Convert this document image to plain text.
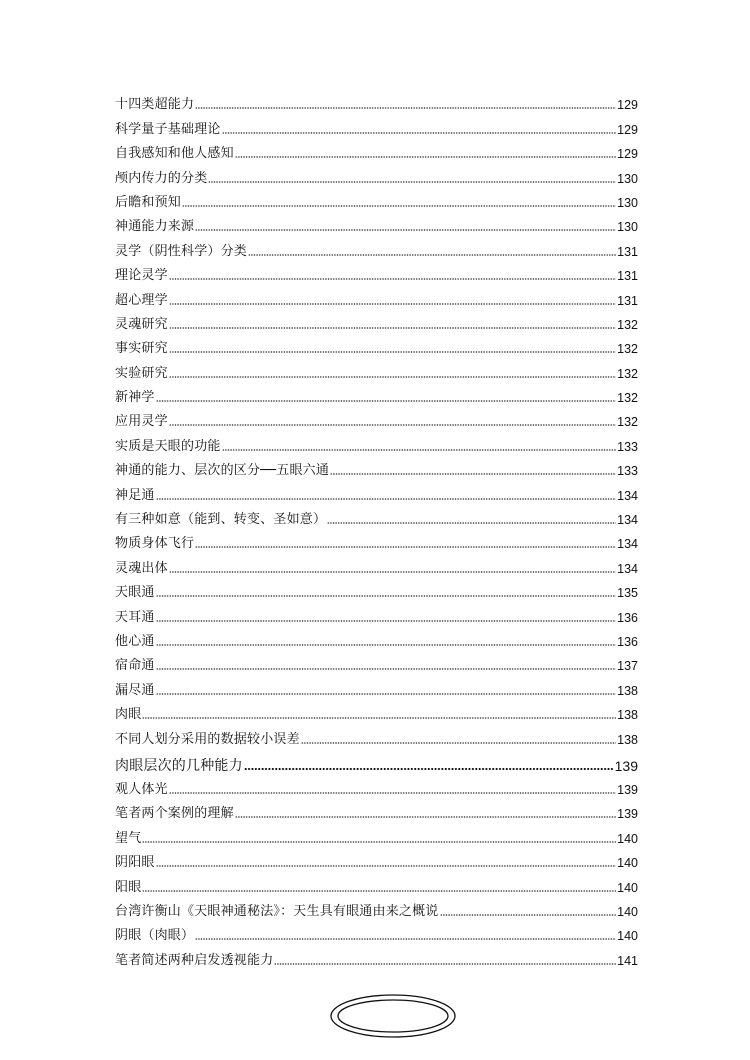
十四类超能力	129
科学量子基础理论	129
自我感知和他人感知	129
颅内传力的分类	130
后瞻和预知	130
神通能力来源	130
灵学（阴性科学）分类	131
理论灵学	131
超心理学	131
灵魂研究	132
事实研究	132
实验研究	132
新神学	132
应用灵学	132
实质是天眼的功能	133
神通的能力、层次的区分──五眼六通	133
神足通	134
有三种如意（能到、转变、圣如意）	134
物质身体飞行	134
灵魂出体	134
天眼通	135
天耳通	136
他心通	136
宿命通	137
漏尽通	138
肉眼	138
不同人划分采用的数据较小误差	138
肉眼层次的几种能力	139
观人体光	139
笔者两个案例的理解	139
望气	140
阴阳眼	140
阳眼	140
台湾许衡山《天眼神通秘法》：天生具有眼通由来之概说	140
阴眼（肉眼）	140
笔者简述两种启发透视能力	141
